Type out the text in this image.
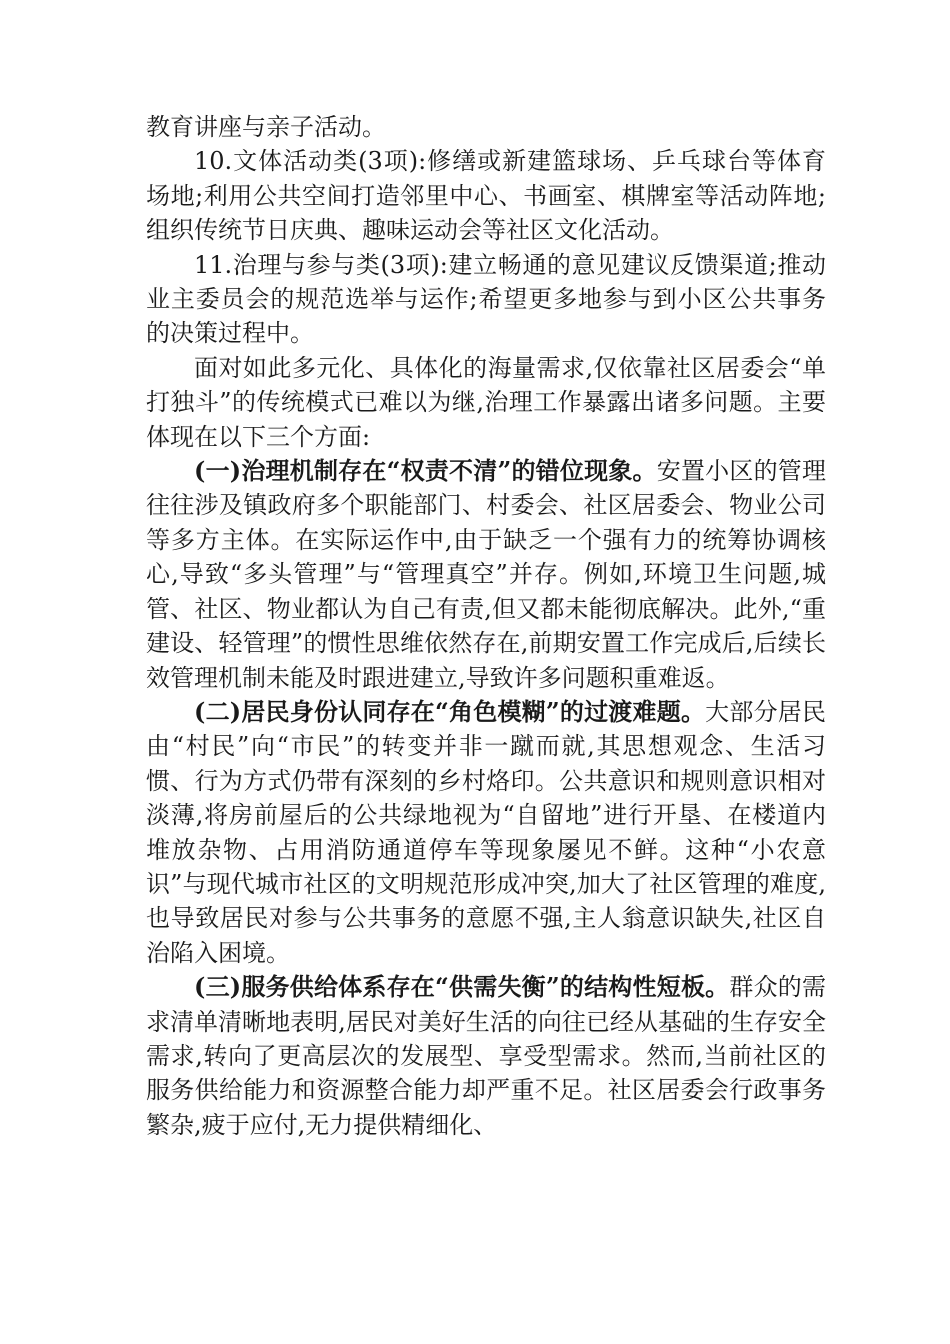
教育讲座与亲子活动。

10.文体活动类(3项):修缮或新建篮球场、乒乓球台等体育场地;利用公共空间打造邻里中心、书画室、棋牌室等活动阵地;组织传统节日庆典、趣味运动会等社区文化活动。

11.治理与参与类(3项):建立畅通的意见建议反馈渠道;推动业主委员会的规范选举与运作;希望更多地参与到小区公共事务的决策过程中。

面对如此多元化、具体化的海量需求,仅依靠社区居委会“单打独斗”的传统模式已难以为继,治理工作暴露出诸多问题。主要体现在以下三个方面:

(一)治理机制存在“权责不清”的错位现象。安置小区的管理往往涉及镇政府多个职能部门、村委会、社区居委会、物业公司等多方主体。在实际运作中,由于缺乏一个强有力的统筹协调核心,导致“多头管理”与“管理真空”并存。例如,环境卫生问题,城管、社区、物业都认为自己有责,但又都未能彻底解决。此外,“重建设、轻管理”的惯性思维依然存在,前期安置工作完成后,后续长效管理机制未能及时跟进建立,导致许多问题积重难返。

(二)居民身份认同存在“角色模糊”的过渡难题。大部分居民由“村民”向“市民”的转变并非一蹴而就,其思想观念、生活习惯、行为方式仍带有深刻的乡村烙印。公共意识和规则意识相对淡薄,将房前屋后的公共绿地视为“自留地”进行开垦、在楼道内堆放杂物、占用消防通道停车等现象屡见不鲜。这种“小农意识”与现代城市社区的文明规范形成冲突,加大了社区管理的难度,也导致居民对参与公共事务的意愿不强,主人翁意识缺失,社区自治陷入困境。

(三)服务供给体系存在“供需失衡”的结构性短板。群众的需求清单清晰地表明,居民对美好生活的向往已经从基础的生存安全需求,转向了更高层次的发展型、享受型需求。然而,当前社区的服务供给能力和资源整合能力却严重不足。社区居委会行政事务繁杂,疲于应付,无力提供精细化、
